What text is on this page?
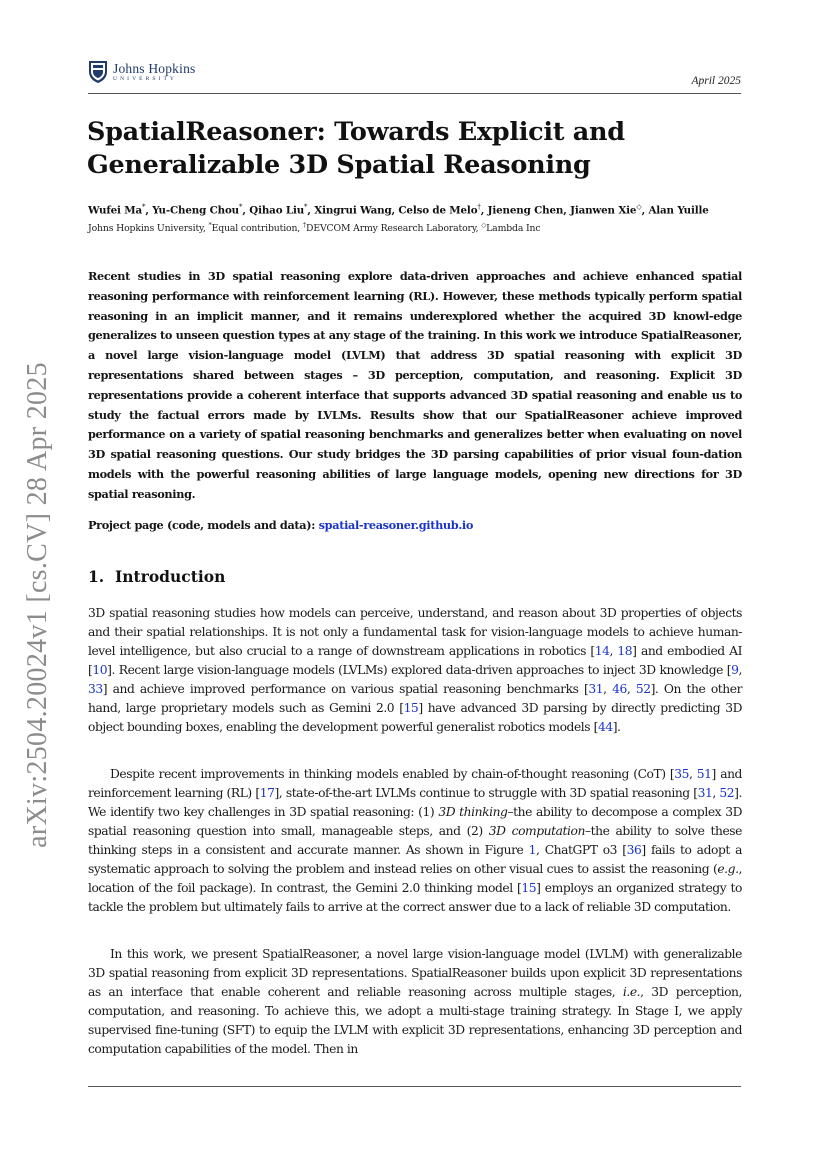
Johns Hopkins
UNIVERSITY	April 2025
arXiv:2504.20024v1 [cs.CV] 28 Apr 2025
SpatialReasoner: Towards Explicit and
Generalizable 3D Spatial Reasoning
Wufei Ma*, Yu-Cheng Chou*, Qihao Liu*, Xingrui Wang, Celso de Melo†, Jieneng Chen, Jianwen Xie◇, Alan Yuille
Johns Hopkins University, *Equal contribution, †DEVCOM Army Research Laboratory, ◇Lambda Inc

Recent studies in 3D spatial reasoning explore data-driven approaches and achieve enhanced spatial reasoning performance with reinforcement learning (RL). However, these methods typically perform spatial reasoning in an implicit manner, and it remains underexplored whether the acquired 3D knowl-edge generalizes to unseen question types at any stage of the training. In this work we introduce SpatialReasoner, a novel large vision-language model (LVLM) that address 3D spatial reasoning with explicit 3D representations shared between stages – 3D perception, computation, and reasoning. Explicit 3D representations provide a coherent interface that supports advanced 3D spatial reasoning and enable us to study the factual errors made by LVLMs. Results show that our SpatialReasoner achieve improved performance on a variety of spatial reasoning benchmarks and generalizes better when evaluating on novel 3D spatial reasoning questions. Our study bridges the 3D parsing capabilities of prior visual foun-dation models with the powerful reasoning abilities of large language models, opening new directions for 3D spatial reasoning.

Project page (code, models and data): spatial-reasoner.github.io
1. Introduction

3D spatial reasoning studies how models can perceive, understand, and reason about 3D properties of objects and their spatial relationships. It is not only a fundamental task for vision-language models to achieve human-level intelligence, but also crucial to a range of downstream applications in robotics [14, 18] and embodied AI [10]. Recent large vision-language models (LVLMs) explored data-driven approaches to inject 3D knowledge [9, 33] and achieve improved performance on various spatial reasoning benchmarks [31, 46, 52]. On the other hand, large proprietary models such as Gemini 2.0 [15] have advanced 3D parsing by directly predicting 3D object bounding boxes, enabling the development powerful generalist robotics models [44].

Despite recent improvements in thinking models enabled by chain-of-thought reasoning (CoT) [35, 51] and reinforcement learning (RL) [17], state-of-the-art LVLMs continue to struggle with 3D spatial reasoning [31, 52]. We identify two key challenges in 3D spatial reasoning: (1) 3D thinking–the ability to decompose a complex 3D spatial reasoning question into small, manageable steps, and (2) 3D computation–the ability to solve these thinking steps in a consistent and accurate manner. As shown in Figure 1, ChatGPT o3 [36] fails to adopt a systematic approach to solving the problem and instead relies on other visual cues to assist the reasoning (e.g., location of the foil package). In contrast, the Gemini 2.0 thinking model [15] employs an organized strategy to tackle the problem but ultimately fails to arrive at the correct answer due to a lack of reliable 3D computation.

In this work, we present SpatialReasoner, a novel large vision-language model (LVLM) with generalizable 3D spatial reasoning from explicit 3D representations. SpatialReasoner builds upon explicit 3D representations as an interface that enable coherent and reliable reasoning across multiple stages, i.e., 3D perception, computation, and reasoning. To achieve this, we adopt a multi-stage training strategy. In Stage I, we apply supervised fine-tuning (SFT) to equip the LVLM with explicit 3D representations, enhancing 3D perception and computation capabilities of the model. Then in
